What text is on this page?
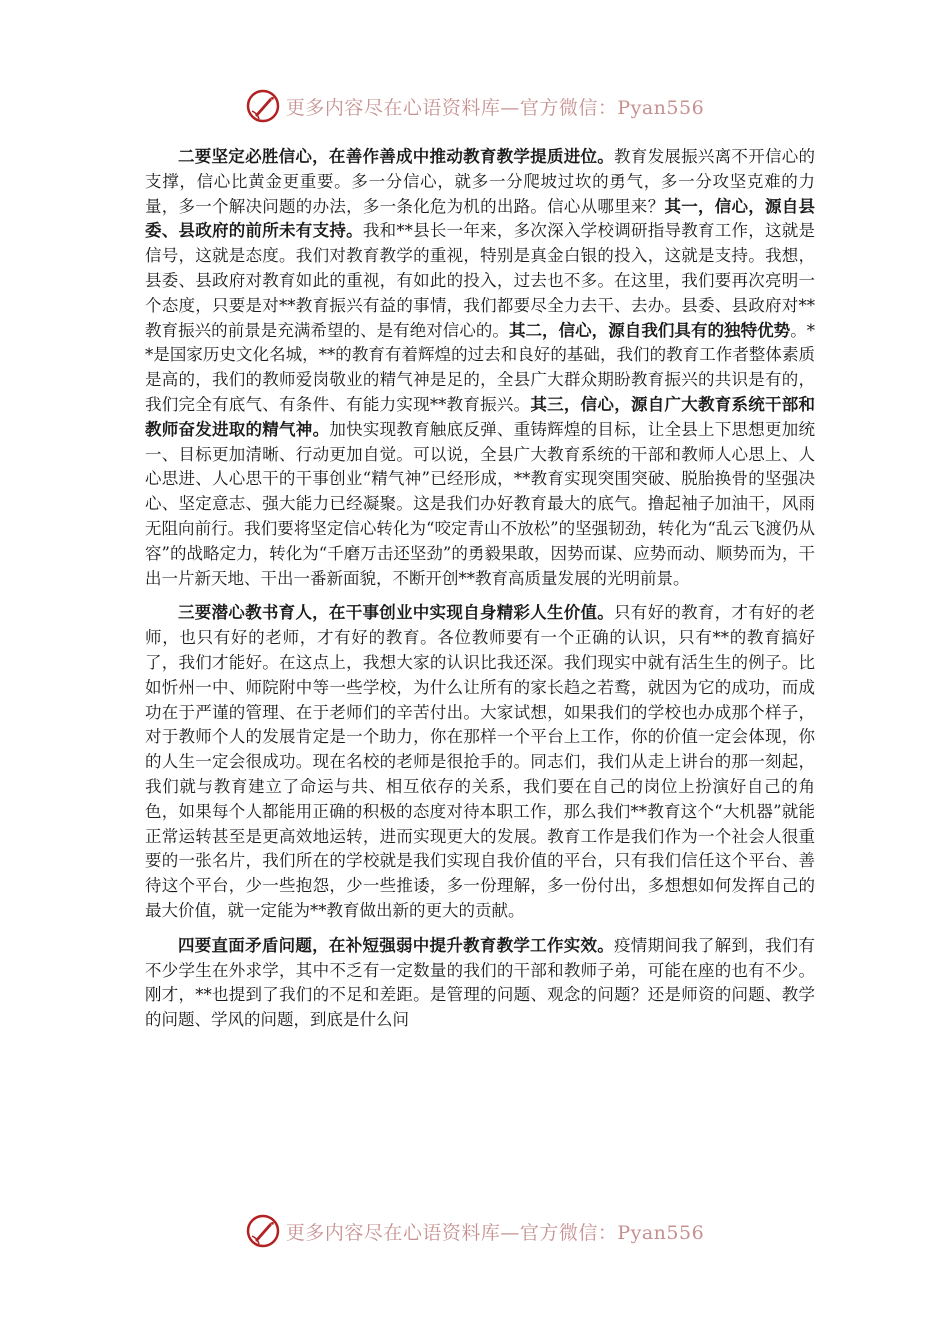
更多内容尽在心语资料库—官方微信：Pyan556

二要坚定必胜信心，在善作善成中推动教育教学提质进位。教育发展振兴离不开信心的支撑，信心比黄金更重要。多一分信心，就多一分爬坡过坎的勇气，多一分攻坚克难的力量，多一个解决问题的办法，多一条化危为机的出路。信心从哪里来？其一，信心，源自县委、县政府的前所未有支持。我和**县长一年来，多次深入学校调研指导教育工作，这就是信号，这就是态度。我们对教育教学的重视，特别是真金白银的投入，这就是支持。我想，县委、县政府对教育如此的重视，有如此的投入，过去也不多。在这里，我们要再次亮明一个态度，只要是对**教育振兴有益的事情，我们都要尽全力去干、去办。县委、县政府对**教育振兴的前景是充满希望的、是有绝对信心的。其二，信心，源自我们具有的独特优势。**是国家历史文化名城，**的教育有着辉煌的过去和良好的基础，我们的教育工作者整体素质是高的，我们的教师爱岗敬业的精气神是足的，全县广大群众期盼教育振兴的共识是有的，我们完全有底气、有条件、有能力实现**教育振兴。其三，信心，源自广大教育系统干部和教师奋发进取的精气神。加快实现教育触底反弹、重铸辉煌的目标，让全县上下思想更加统一、目标更加清晰、行动更加自觉。可以说，全县广大教育系统的干部和教师人心思上、人心思进、人心思干的干事创业“精气神”已经形成，**教育实现突围突破、脱胎换骨的坚强决心、坚定意志、强大能力已经凝聚。这是我们办好教育最大的底气。撸起袖子加油干，风雨无阻向前行。我们要将坚定信心转化为“咬定青山不放松”的坚强韧劲，转化为“乱云飞渡仍从容”的战略定力，转化为“千磨万击还坚劲”的勇毅果敢，因势而谋、应势而动、顺势而为，干出一片新天地、干出一番新面貌，不断开创**教育高质量发展的光明前景。

三要潜心教书育人，在干事创业中实现自身精彩人生价值。只有好的教育，才有好的老师，也只有好的老师，才有好的教育。各位教师要有一个正确的认识，只有**的教育搞好了，我们才能好。在这点上，我想大家的认识比我还深。我们现实中就有活生生的例子。比如忻州一中、师院附中等一些学校，为什么让所有的家长趋之若鹜，就因为它的成功，而成功在于严谨的管理、在于老师们的辛苦付出。大家试想，如果我们的学校也办成那个样子，对于教师个人的发展肯定是一个助力，你在那样一个平台上工作，你的价值一定会体现，你的人生一定会很成功。现在名校的老师是很抢手的。同志们，我们从走上讲台的那一刻起，我们就与教育建立了命运与共、相互依存的关系，我们要在自己的岗位上扮演好自己的角色，如果每个人都能用正确的积极的态度对待本职工作，那么我们**教育这个“大机器”就能正常运转甚至是更高效地运转，进而实现更大的发展。教育工作是我们作为一个社会人很重要的一张名片，我们所在的学校就是我们实现自我价值的平台，只有我们信任这个平台、善待这个平台，少一些抱怨，少一些推诿，多一份理解，多一份付出，多想想如何发挥自己的最大价值，就一定能为**教育做出新的更大的贡献。

四要直面矛盾问题，在补短强弱中提升教育教学工作实效。疫情期间我了解到，我们有不少学生在外求学，其中不乏有一定数量的我们的干部和教师子弟，可能在座的也有不少。刚才，**也提到了我们的不足和差距。是管理的问题、观念的问题？还是师资的问题、教学的问题、学风的问题，到底是什么问

更多内容尽在心语资料库—官方微信：Pyan556
